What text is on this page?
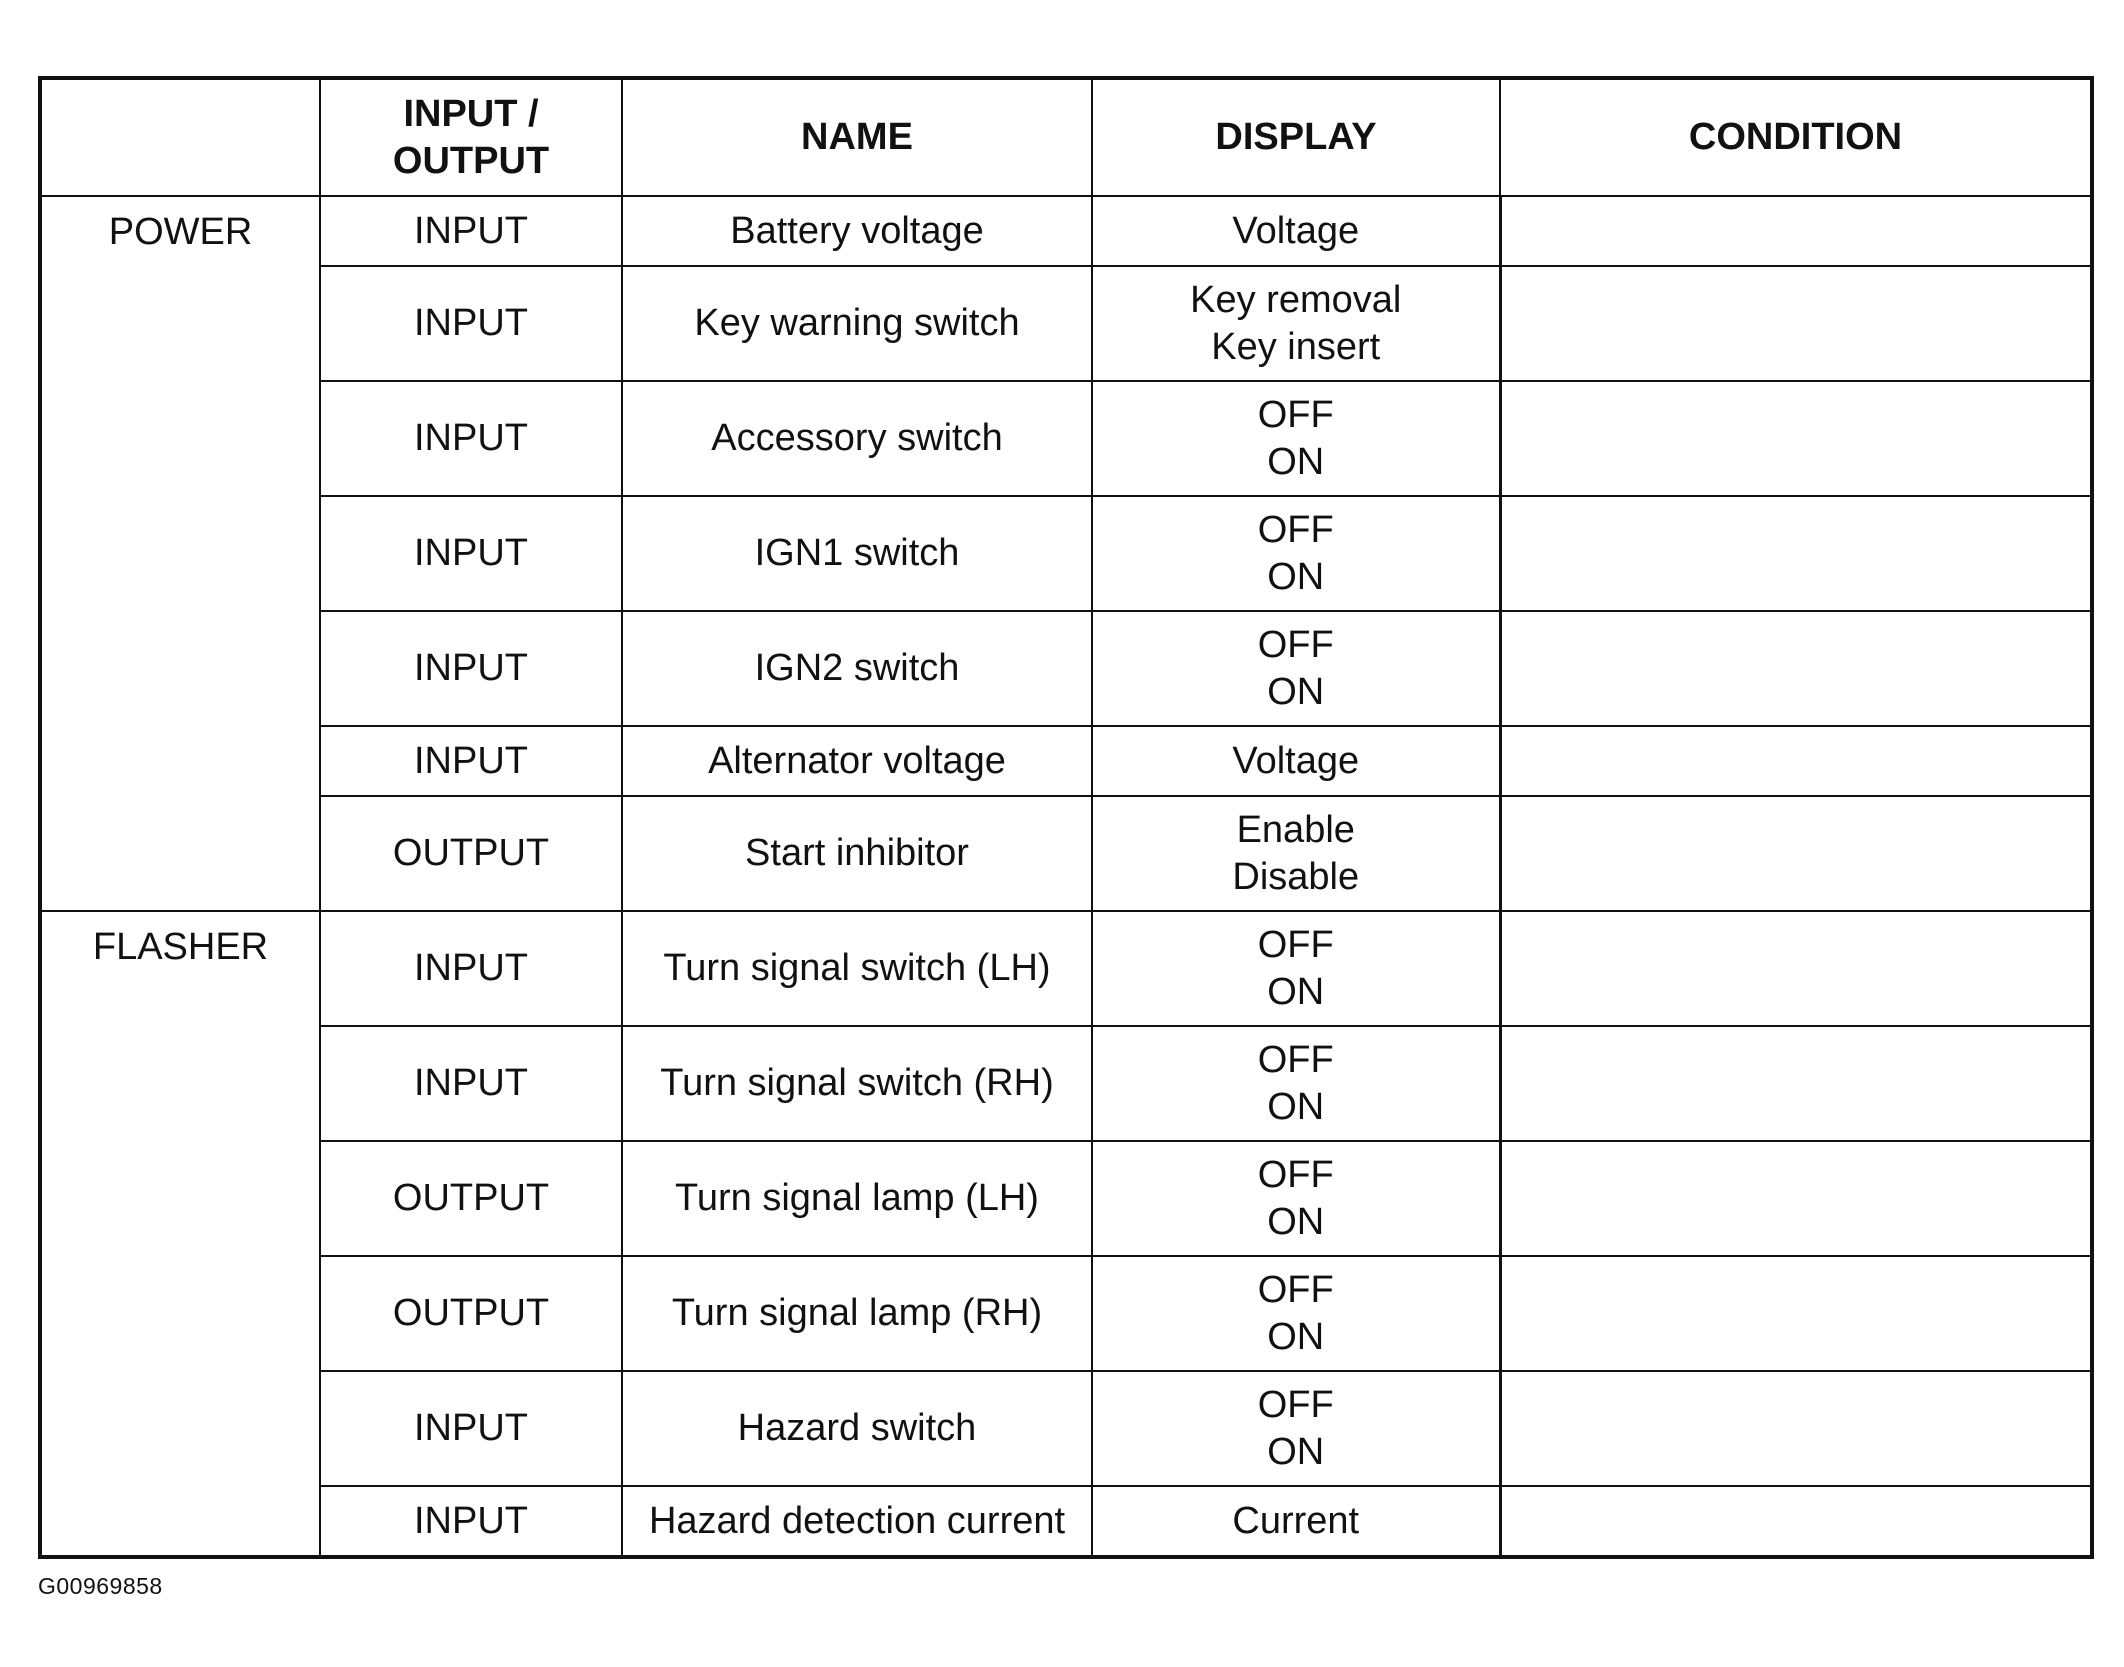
	INPUT /
OUTPUT	NAME	DISPLAY	CONDITION
POWER	INPUT	Battery voltage	Voltage	

	INPUT	Key warning switch	Key removal
Key insert	

	INPUT	Accessory switch	OFF
ON	

	INPUT	IGN1 switch	OFF
ON	

	INPUT	IGN2 switch	OFF
ON	

	INPUT	Alternator voltage	Voltage	

	OUTPUT	Start inhibitor	Enable
Disable	

FLASHER	INPUT	Turn signal switch (LH)	OFF
ON	

	INPUT	Turn signal switch (RH)	OFF
ON	

	OUTPUT	Turn signal lamp (LH)	OFF
ON	

	OUTPUT	Turn signal lamp (RH)	OFF
ON	

	INPUT	Hazard switch	OFF
ON	

	INPUT	Hazard detection current	Current	

G00969858
